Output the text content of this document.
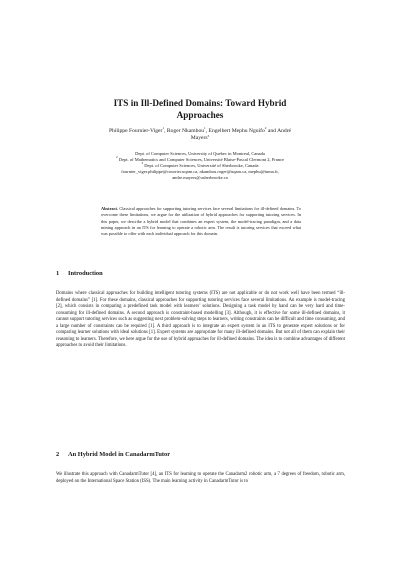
ITS in Ill-Defined Domains: Toward Hybrid
Approaches
Philippe Fournier-Viger$^1$, Roger Nkambou$^1$, Engelbert Mephu Nguifo$^2$ and André
Mayers$^3$
Dept. of Computer Sciences, University of Quebec in Montreal, Canada
$^2$ Dept. of Mathematics and Computer Sciences, Université Blaise-Pascal Clermont 2, France
$^3$ Dept. of Computer Sciences, Université of Sherbrooke, Canada
fournier_viger.philippe@courrier.uqam.ca, nkambou.roger@uqam.ca, mephu@iuma.fr,
andre.mayers@usherbrooke.ca
Abstract. Classical approaches for supporting tutoring services face several limitations for ill-defined domains. To overcome these limitations, we argue for the utilization of hybrid approaches for supporting tutoring services. In this paper, we describe a hybrid model that combines an expert system, the model-tracing paradigm, and a data mining approach in an ITS for learning to operate a robotic arm. The result is tutoring services that exceed what was possible to offer with each individual approach for this domain.
1 Introduction
Domains where classical approaches for building intelligent tutoring systems (ITS) are not applicable or do not work well have been termed “ill-defined domains” [1]. For these domains, classical approaches for supporting tutoring services face several limitations. An example is model-tracing [2], which consists in comparing a predefined task model with learners’ solutions. Designing a task model by hand can be very hard and time-consuming for ill-defined domains. A second approach is constraint-based modelling [3]. Although, it is effective for some ill-defined domains, it cannot support tutoring services such as suggesting next problem-solving steps to learners, writing constraints can be difficult and time consuming, and a large number of constraints can be required [1]. A third approach is to integrate an expert system in an ITS to generate expert solutions or for comparing learner solutions with ideal solutions [1]. Expert systems are appropriate for many ill-defined domains. But not all of them can explain their reasoning to learners. Therefore, we here argue for the use of hybrid approaches for ill-defined domains. The idea is to combine advantages of different approaches to avoid their limitations.
2 An Hybrid Model in CanadarmTutor
We illustrate this approach with CanadarmTutor [4], an ITS for learning to operate the Canadarm2 robotic arm, a 7 degrees of freedom, robotic arm, deployed on the International Space Station (ISS). The main learning activity in CanadarmTutor is to
